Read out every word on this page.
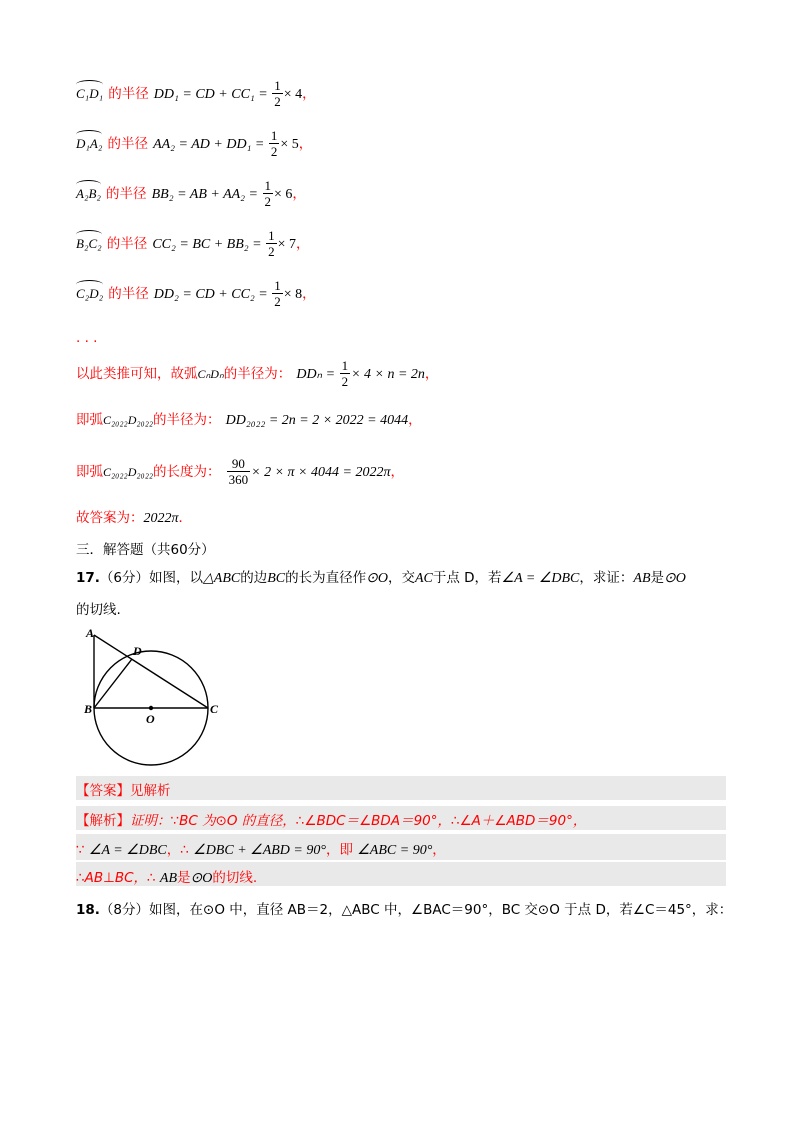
C₁D₁ 的半径 DD₁ = CD + $CC_1 = \frac{1}{2} \times 4$，
D₁A₂ 的半径 AA₂ = AD + $DD_1 = \frac{1}{2} \times 5$，
A₂B₂ 的半径 BB₂ = AB + $AA_2 = \frac{1}{2} \times 6$，
B₂C₂ 的半径 CC₂ = BC + $BB_2 = \frac{1}{2} \times 7$，
C₂D₂ 的半径 DD₂ = CD + $CC_2 = \frac{1}{2} \times 8$，
. . .
以此类推可知，故弧CₙDₙ的半径为： $DD_n = \frac{1}{2} \times 4 \times n = 2n$，
即弧C₂₀₂₂D₂₀₂₂的半径为： DD₂₀₂₂ = 2n = 2 × 2022 = 4044，
即弧C₂₀₂₂D₂₀₂₂的长度为： $\frac{90}{360} \times 2 \times \pi \times 4044 = 2022\pi$，
故答案为：2022π．
三．解答题（共60分）
17.（6分）如图，以△ABC的边BC的长为直径作⊙O，交AC于点 D，若∠A = ∠DBC，求证：AB是⊙O
的切线.
A
B	C
D
O
【答案】见解析
【解析】证明：∵BC 为⊙O 的直径，∴∠BDC＝∠BDA＝90°，∴∠A＋∠ABD＝90°，
∵ ∠A = ∠DBC，∴ ∠DBC + ∠ABD = 90°，即 ∠ABC = 90°，
∴AB⊥BC，∴ AB是⊙O的切线.
18.（8分）如图，在⊙O 中，直径 AB＝2，△ABC 中，∠BAC＝90°，BC 交⊙O 于点 D，若∠C＝45°，求：
